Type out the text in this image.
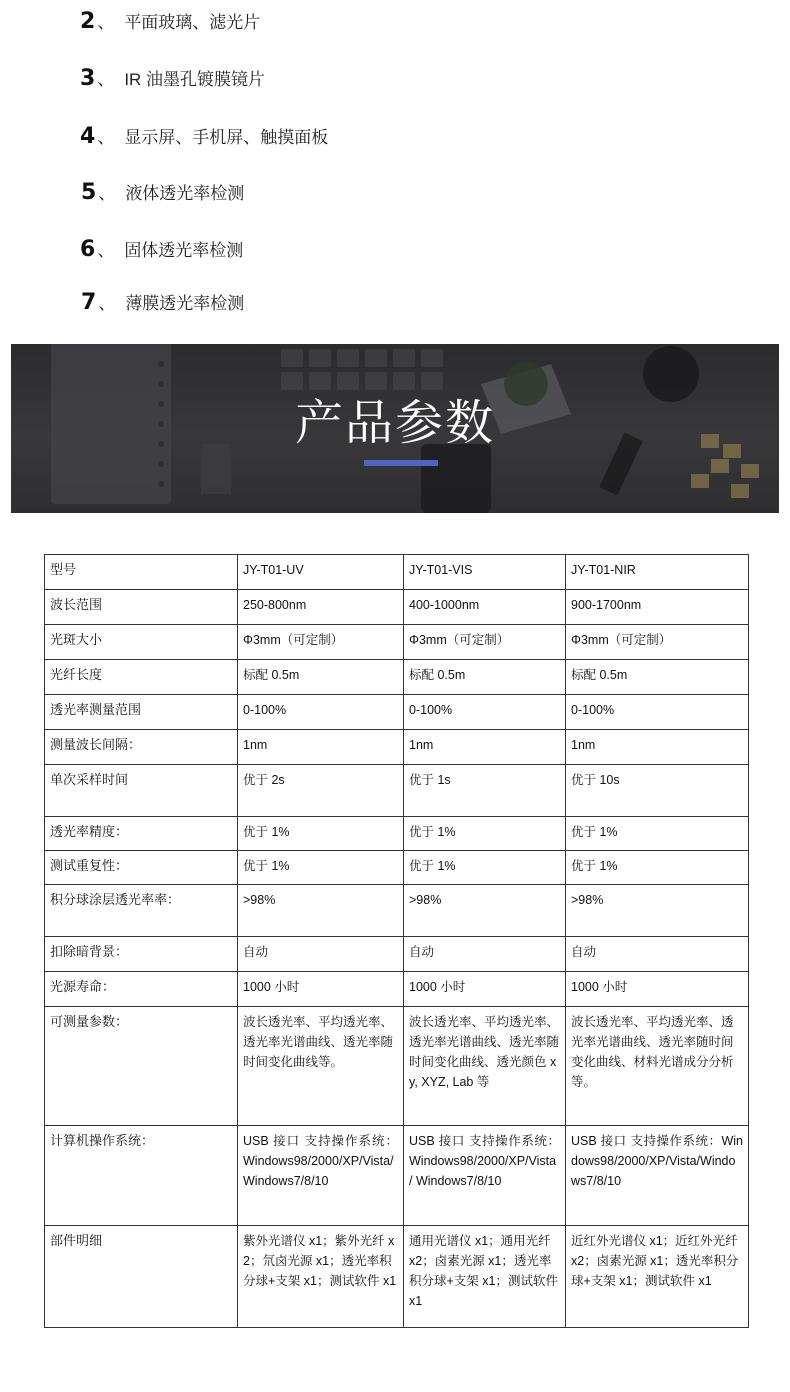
2 、 平面玻璃、滤光片
3 、 IR 油墨孔镀膜镜片
4 、 显示屏、手机屏、触摸面板
5 、 液体透光率检测
6 、 固体透光率检测
7 、 薄膜透光率检测
产品参数
型号	JY-T01-UV	JY-T01-VIS	JY-T01-NIR
波长范围	250-800nm	400-1000nm	900-1700nm
光斑大小	Φ3mm（可定制）	Φ3mm（可定制）	Φ3mm（可定制）
光纤长度	标配 0.5m	标配 0.5m	标配 0.5m
透光率测量范围	0-100%	0-100%	0-100%
测量波长间隔：	1nm	1nm	1nm
单次采样时间	优于 2s	优于 1s	优于 10s
透光率精度：	优于 1%	优于 1%	优于 1%
测试重复性：	优于 1%	优于 1%	优于 1%
积分球涂层透光率率：	>98%	>98%	>98%
扣除暗背景：	自动	自动	自动
光源寿命：	1000 小时	1000 小时	1000 小时
可测量参数：	波长透光率、平均透光率、透光率光谱曲线、透光率随时间变化曲线等。	波长透光率、平均透光率、透光率光谱曲线、透光率随时间变化曲线、透光颜色 xy, XYZ, Lab 等	波长透光率、平均透光率、透光率光谱曲线、透光率随时间变化曲线、材料光谱成分分析等。
计算机操作系统：	USB 接口 支持操作系统：Windows98/2000/XP/Vista/Windows7/8/10	USB 接口 支持操作系统：Windows98/2000/XP/Vista / Windows7/8/10	USB 接口 支持操作系统：Windows98/2000/XP/Vista/Windows7/8/10
部件明细	紫外光谱仪 x1；紫外光纤 x2；氘卤光源 x1；透光率积分球+支架 x1；测试软件 x1	通用光谱仪 x1；通用光纤 x2；卤素光源 x1；透光率积分球+支架 x1；测试软件 x1	近红外光谱仪 x1；近红外光纤 x2；卤素光源 x1；透光率积分球+支架 x1；测试软件 x1
